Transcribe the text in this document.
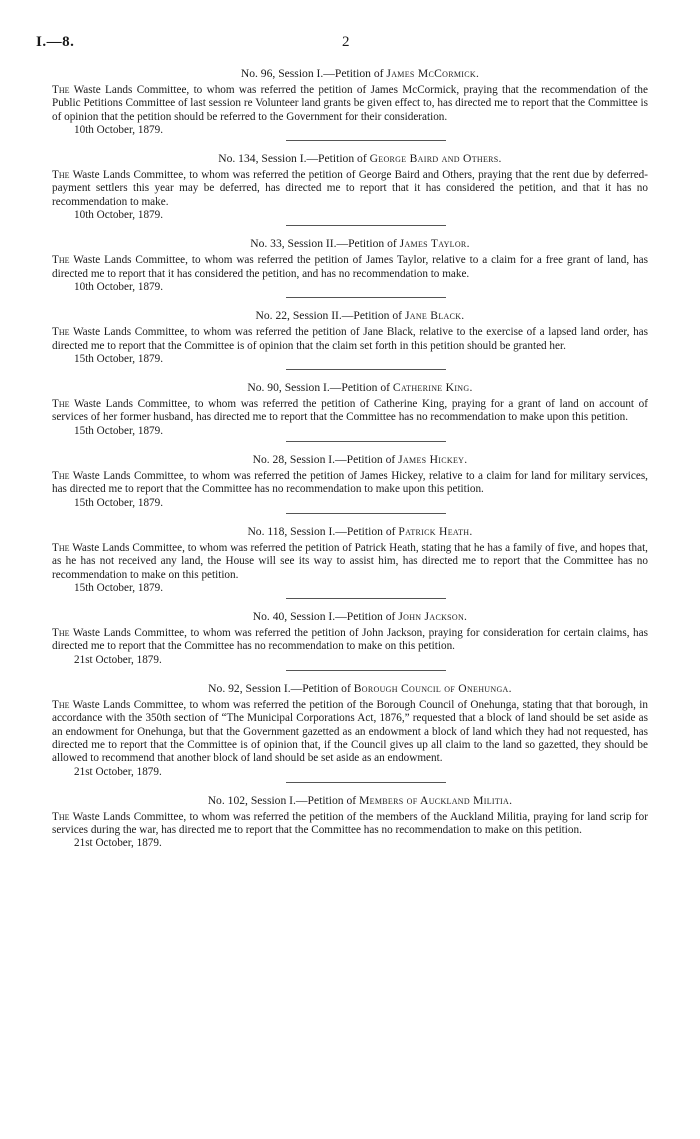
I.—8.	2

No. 96, Session I.—Petition of James McCormick.

The Waste Lands Committee, to whom was referred the petition of James McCormick, praying that the recommendation of the Public Petitions Committee of last session re Volunteer land grants be given effect to, has directed me to report that the Committee is of opinion that the petition should be referred to the Government for their consideration.

10th October, 1879.

No. 134, Session I.—Petition of George Baird and Others.

The Waste Lands Committee, to whom was referred the petition of George Baird and Others, praying that the rent due by deferred-payment settlers this year may be deferred, has directed me to report that it has considered the petition, and that it has no recommendation to make.

10th October, 1879.

No. 33, Session II.—Petition of James Taylor.

The Waste Lands Committee, to whom was referred the petition of James Taylor, relative to a claim for a free grant of land, has directed me to report that it has considered the petition, and has no recommendation to make.

10th October, 1879.

No. 22, Session II.—Petition of Jane Black.

The Waste Lands Committee, to whom was referred the petition of Jane Black, relative to the exercise of a lapsed land order, has directed me to report that the Committee is of opinion that the claim set forth in this petition should be granted her.

15th October, 1879.

No. 90, Session I.—Petition of Catherine King.

The Waste Lands Committee, to whom was referred the petition of Catherine King, praying for a grant of land on account of services of her former husband, has directed me to report that the Committee has no recommendation to make upon this petition.

15th October, 1879.

No. 28, Session I.—Petition of James Hickey.

The Waste Lands Committee, to whom was referred the petition of James Hickey, relative to a claim for land for military services, has directed me to report that the Committee has no recommendation to make upon this petition.

15th October, 1879.

No. 118, Session I.—Petition of Patrick Heath.

The Waste Lands Committee, to whom was referred the petition of Patrick Heath, stating that he has a family of five, and hopes that, as he has not received any land, the House will see its way to assist him, has directed me to report that the Committee has no recommendation to make on this petition.

15th October, 1879.

No. 40, Session I.—Petition of John Jackson.

The Waste Lands Committee, to whom was referred the petition of John Jackson, praying for consideration for certain claims, has directed me to report that the Committee has no recommendation to make on this petition.

21st October, 1879.

No. 92, Session I.—Petition of Borough Council of Onehunga.

The Waste Lands Committee, to whom was referred the petition of the Borough Council of Onehunga, stating that that borough, in accordance with the 350th section of “The Municipal Corporations Act, 1876,” requested that a block of land should be set aside as an endowment for Onehunga, but that the Government gazetted as an endowment a block of land which they had not requested, has directed me to report that the Committee is of opinion that, if the Council gives up all claim to the land so gazetted, they should be allowed to recommend that another block of land should be set aside as an endowment.

21st October, 1879.

No. 102, Session I.—Petition of Members of Auckland Militia.

The Waste Lands Committee, to whom was referred the petition of the members of the Auckland Militia, praying for land scrip for services during the war, has directed me to report that the Committee has no recommendation to make on this petition.

21st October, 1879.
